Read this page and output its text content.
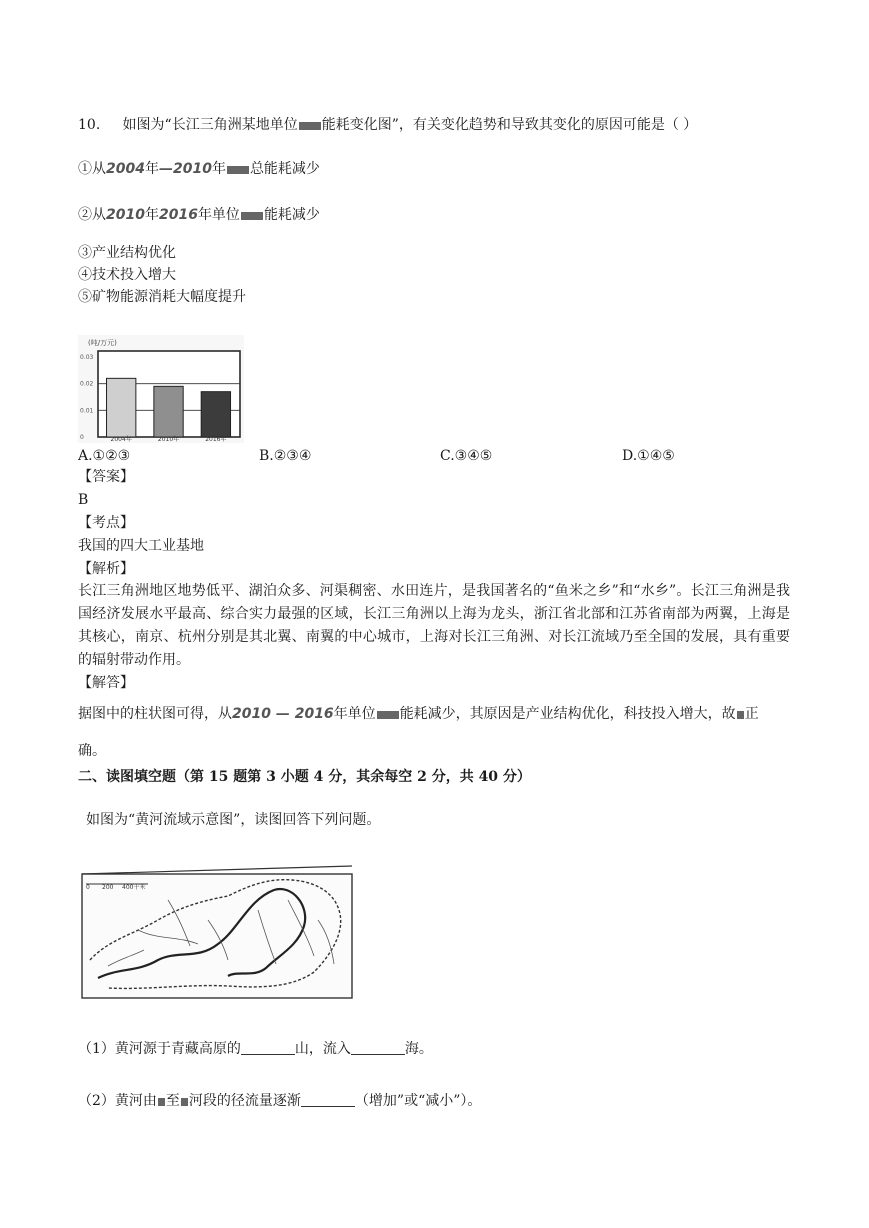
10. 如图为“长江三角洲某地单位 能耗变化图”，有关变化趋势和导致其变化的原因可能是（ ）
①从2004年—2010年 总能耗减少
②从2010年2016年单位 能耗减少
③产业结构优化
④技术投入增大
⑤矿物能源消耗大幅度提升
(吨/万元)
0.03
0.02
0.01
0	2004年	2010年	2016年
A.①②③	B.②③④	C.③④⑤	D.①④⑤
【答案】
B
【考点】
我国的四大工业基地
【解析】
长江三角洲地区地势低平、湖泊众多、河渠稠密、水田连片，是我国著名的“鱼米之乡”和“水乡”。长江三角洲是我国经济发展水平最高、综合实力最强的区域，长江三角洲以上海为龙头，浙江省北部和江苏省南部为两翼，上海是其核心，南京、杭州分别是其北翼、南翼的中心城市，上海对长江三角洲、对长江流域乃至全国的发展，具有重要的辐射带动作用。
【解答】
据图中的柱状图可得，从2010 — 2016年单位 能耗减少，其原因是产业结构优化，科技投入增大，故 正
确。
二、读图填空题（第 15 题第 3 小题 4 分，其余每空 2 分，共 40 分）
如图为“黄河流域示意图”，读图回答下列问题。
0 200 400千米
（1）黄河源于青藏高原的	山，流入	海。
（2）黄河由 至 河段的径流量逐渐	（增加”或“减小”）。
